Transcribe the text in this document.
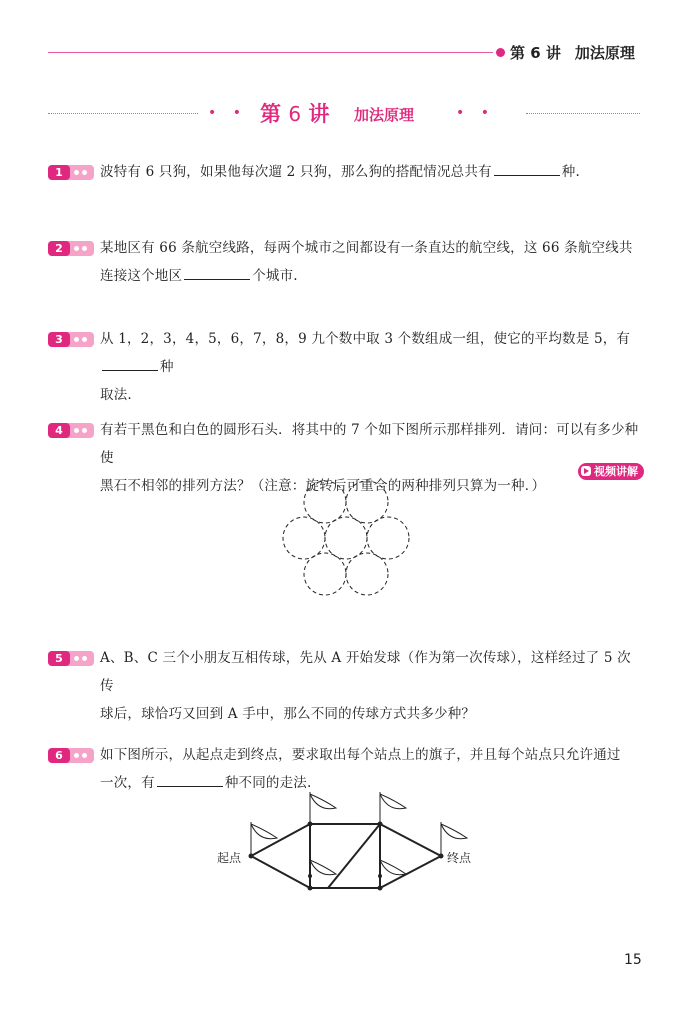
第 6 讲 加法原理
• • 第 6 讲 加法原理	• •
1	波特有 6 只狗，如果他每次遛 2 只狗，那么狗的搭配情况总共有	种.
2	某地区有 66 条航空线路，每两个城市之间都设有一条直达的航空线，这 66 条航空线共
连接这个地区	个城市.
3	从 1，2，3，4，5，6，7，8，9 九个数中取 3 个数组成一组，使它的平均数是 5，有种
取法.
4	有若干黑色和白色的圆形石头．将其中的 7 个如下图所示那样排列．请问：可以有多少种使
黑石不相邻的排列方法？（注意：旋转后可重合的两种排列只算为一种．）
视频讲解
5	A、B、C 三个小朋友互相传球，先从 A 开始发球（作为第一次传球），这样经过了 5 次传
球后，球恰巧又回到 A 手中，那么不同的传球方式共多少种？
6	如下图所示，从起点走到终点，要求取出每个站点上的旗子，并且每个站点只允许通过
一次，有	种不同的走法.
起点	终点
15
